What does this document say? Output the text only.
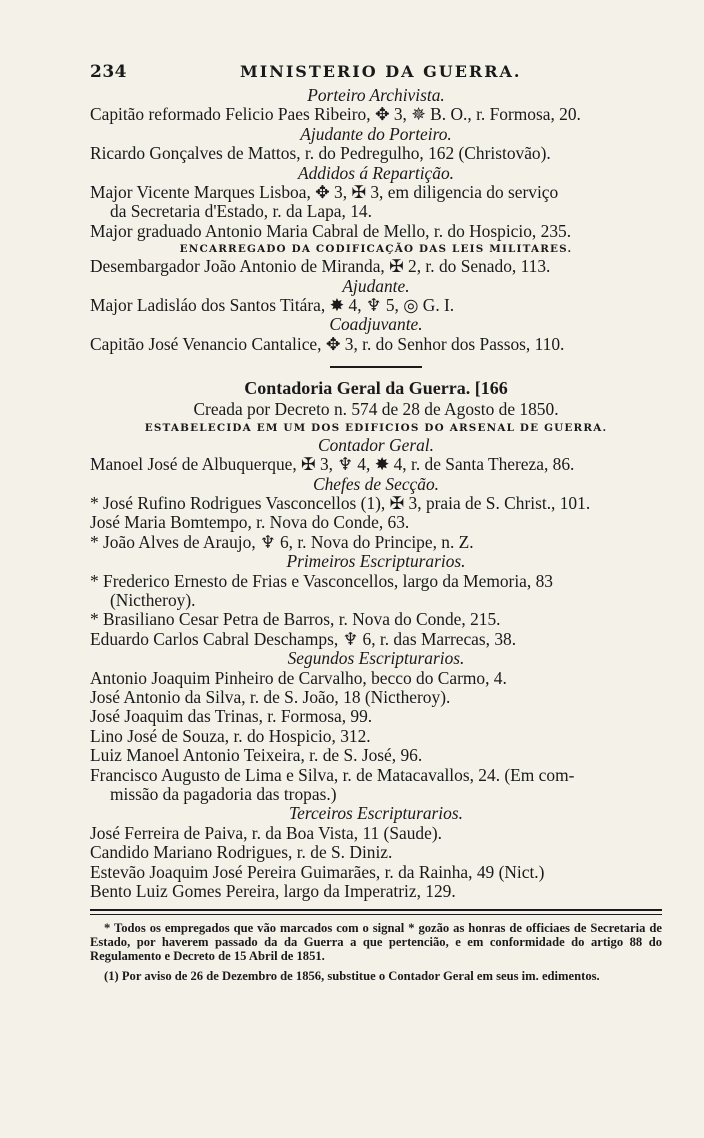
234	MINISTERIO DA GUERRA.
Porteiro Archivista.
Capitão reformado Felicio Paes Ribeiro, ✥ 3, ✵ B. O., r. Formosa, 20.
Ajudante do Porteiro.
Ricardo Gonçalves de Mattos, r. do Pedregulho, 162 (Christovão).
Addidos á Repartição.
Major Vicente Marques Lisboa, ✥ 3, ✠ 3, em diligencia do serviço
da Secretaria d'Estado, r. da Lapa, 14.
Major graduado Antonio Maria Cabral de Mello, r. do Hospicio, 235.
ENCARREGADO DA CODIFICAÇÃO DAS LEIS MILITARES.
Desembargador João Antonio de Miranda, ✠ 2, r. do Senado, 113.
Ajudante.
Major Ladisláo dos Santos Titára, ✸ 4, ♆ 5, ◎ G. I.
Coadjuvante.
Capitão José Venancio Cantalice, ✥ 3, r. do Senhor dos Passos, 110.
Contadoria Geral da Guerra. [166
Creada por Decreto n. 574 de 28 de Agosto de 1850.
ESTABELECIDA EM UM DOS EDIFICIOS DO ARSENAL DE GUERRA.
Contador Geral.
Manoel José de Albuquerque, ✠ 3, ♆ 4, ✸ 4, r. de Santa Thereza, 86.
Chefes de Secção.
* José Rufino Rodrigues Vasconcellos (1), ✠ 3, praia de S. Christ., 101.
José Maria Bomtempo, r. Nova do Conde, 63.
* João Alves de Araujo, ♆ 6, r. Nova do Principe, n. Z.
Primeiros Escripturarios.
* Frederico Ernesto de Frias e Vasconcellos, largo da Memoria, 83
(Nictheroy).
* Brasiliano Cesar Petra de Barros, r. Nova do Conde, 215.
Eduardo Carlos Cabral Deschamps, ♆ 6, r. das Marrecas, 38.
Segundos Escripturarios.
Antonio Joaquim Pinheiro de Carvalho, becco do Carmo, 4.
José Antonio da Silva, r. de S. João, 18 (Nictheroy).
José Joaquim das Trinas, r. Formosa, 99.
Lino José de Souza, r. do Hospicio, 312.
Luiz Manoel Antonio Teixeira, r. de S. José, 96.
Francisco Augusto de Lima e Silva, r. de Matacavallos, 24. (Em com-
missão da pagadoria das tropas.)
Terceiros Escripturarios.
José Ferreira de Paiva, r. da Boa Vista, 11 (Saude).
Candido Mariano Rodrigues, r. de S. Diniz.
Estevão Joaquim José Pereira Guimarães, r. da Rainha, 49 (Nict.)
Bento Luiz Gomes Pereira, largo da Imperatriz, 129.
* Todos os empregados que vão marcados com o signal * gozão as honras de officiaes de Secretaria de Estado, por haverem passado da da Guerra a que pertencião, e em conformidade do artigo 88 do Regulamento e Decreto de 15 Abril de 1851.
(1) Por aviso de 26 de Dezembro de 1856, substitue o Contador Geral em seus im. edimentos.
